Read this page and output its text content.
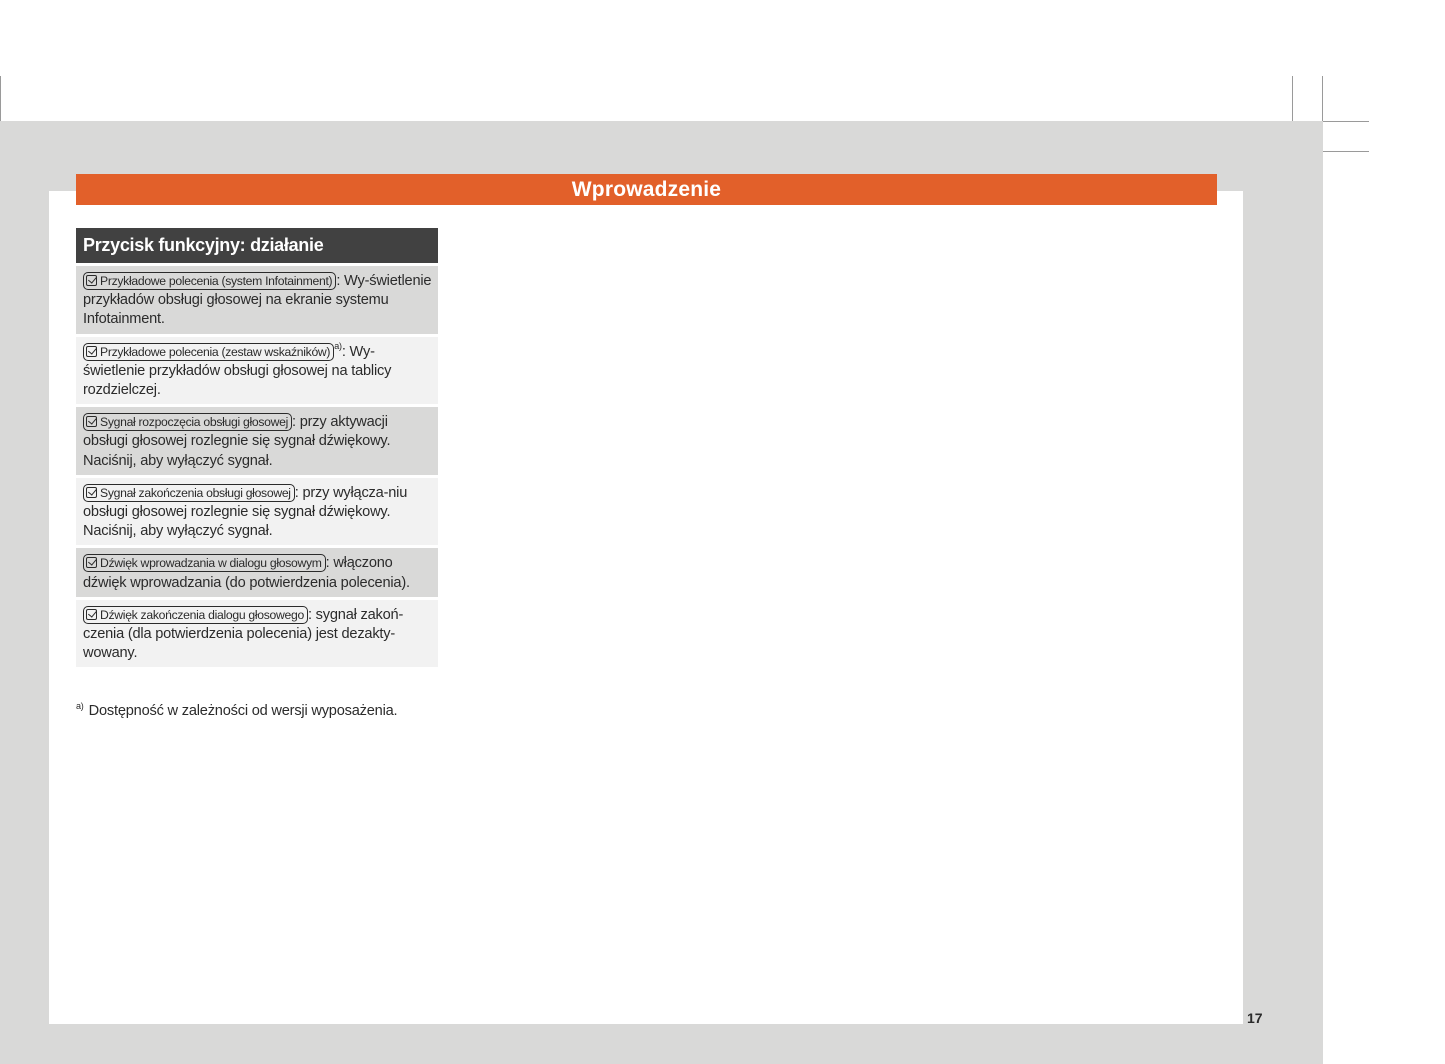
Wprowadzenie
Przycisk funkcyjny: działanie
Przykładowe polecenia (system Infotainment) : Wy-świetlenie przykładów obsługi głosowej na ekranie systemu Infotainment.
Przykładowe polecenia (zestaw wskaźników) $^{a)}$: Wy-świetlenie przykładów obsługi głosowej na tablicy rozdzielczej.
Sygnał rozpoczęcia obsługi głosowej : przy aktywacji obsługi głosowej rozlegnie się sygnał dźwiękowy. Naciśnij, aby wyłączyć sygnał.
Sygnał zakończenia obsługi głosowej : przy wyłącza-niu obsługi głosowej rozlegnie się sygnał dźwiękowy. Naciśnij, aby wyłączyć sygnał.
Dźwięk wprowadzania w dialogu głosowym : włączono dźwięk wprowadzania (do potwierdzenia polecenia).
Dźwięk zakończenia dialogu głosowego : sygnał zakoń-czenia (dla potwierdzenia polecenia) jest dezakty-wowany.
$^{a)}$ Dostępność w zależności od wersji wyposażenia.
17
